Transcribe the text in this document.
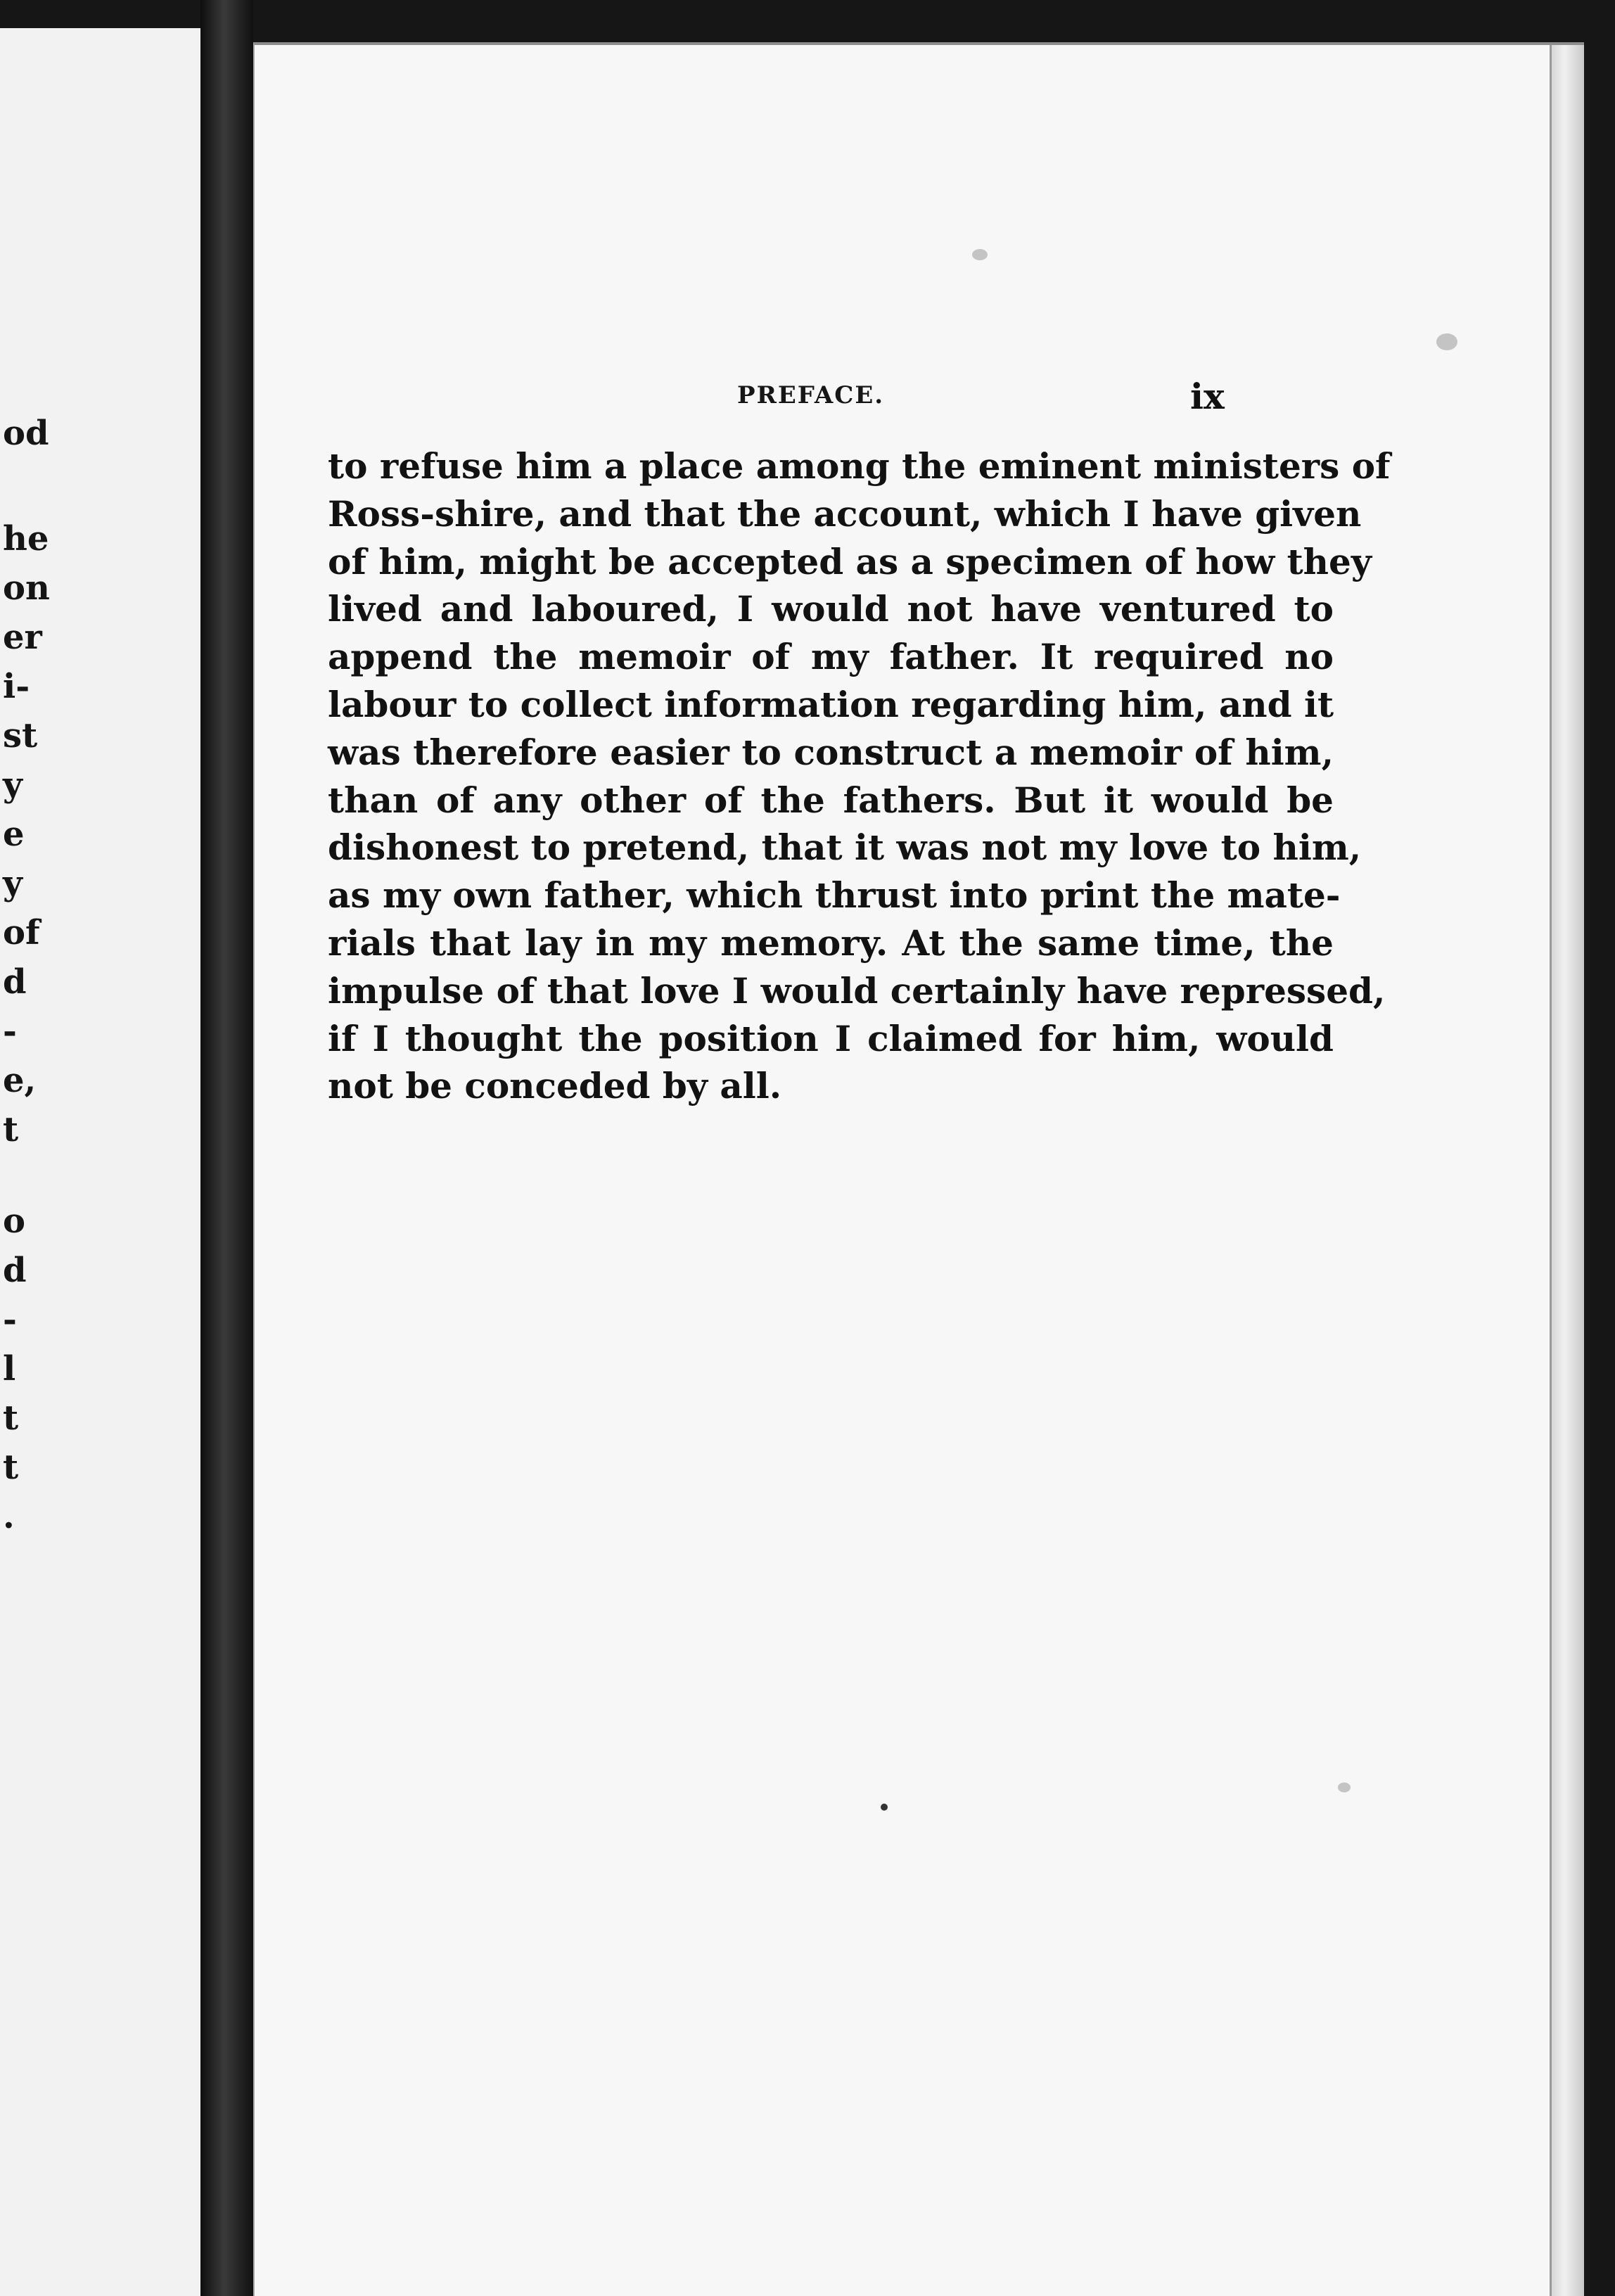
od
he
on
er
i-
st
y
e
y
of
d
-
e,
t
o
d
-
l
t
t
.
PREFACE.	ix
to refuse him a place among the eminent ministers of
Ross-shire, and that the account, which I have given
of him, might be accepted as a specimen of how they
lived and laboured, I would not have ventured to
append the memoir of my father. It required no
labour to collect information regarding him, and it
was therefore easier to construct a memoir of him,
than of any other of the fathers. But it would be
dishonest to pretend, that it was not my love to him,
as my own father, which thrust into print the mate-
rials that lay in my memory. At the same time, the
impulse of that love I would certainly have repressed,
if I thought the position I claimed for him, would
not be conceded by all.
